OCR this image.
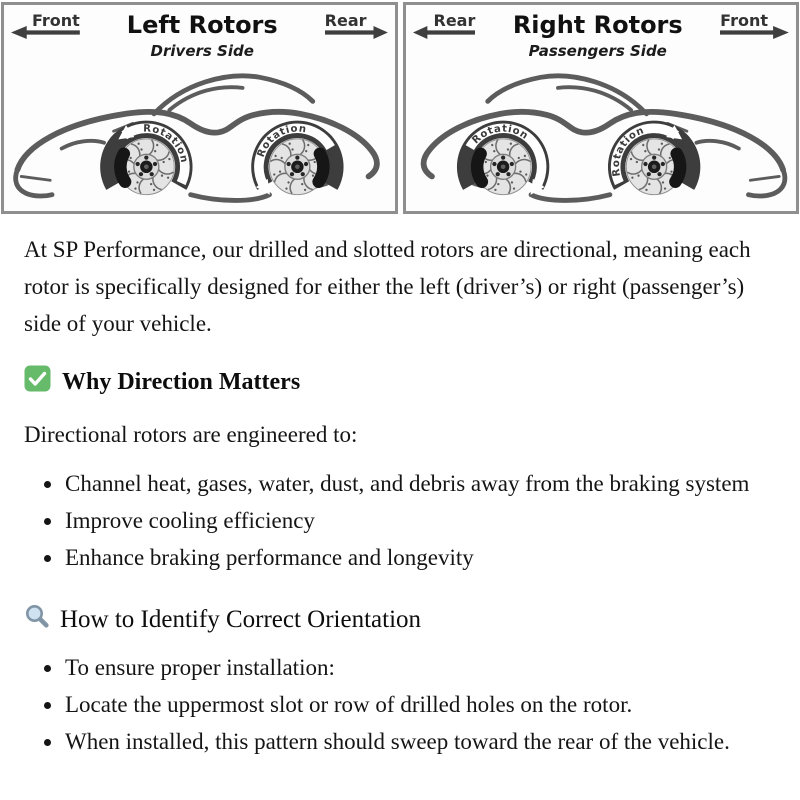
Front	Left Rotors
Drivers Side
Rear
Rotation
Rotation
Rear	Right Rotors
Passengers Side
Front
Rotation
Rotation

At SP Performance, our drilled and slotted rotors are directional, meaning each rotor is specifically designed for either the left (driver’s) or right (passenger’s) side of your vehicle.

Why Direction Matters

Directional rotors are engineered to:

• Channel heat, gases, water, dust, and debris away from the braking system
• Improve cooling efficiency
• Enhance braking performance and longevity
How to Identify Correct Orientation
• To ensure proper installation:
• Locate the uppermost slot or row of drilled holes on the rotor.
• When installed, this pattern should sweep toward the rear of the vehicle.
